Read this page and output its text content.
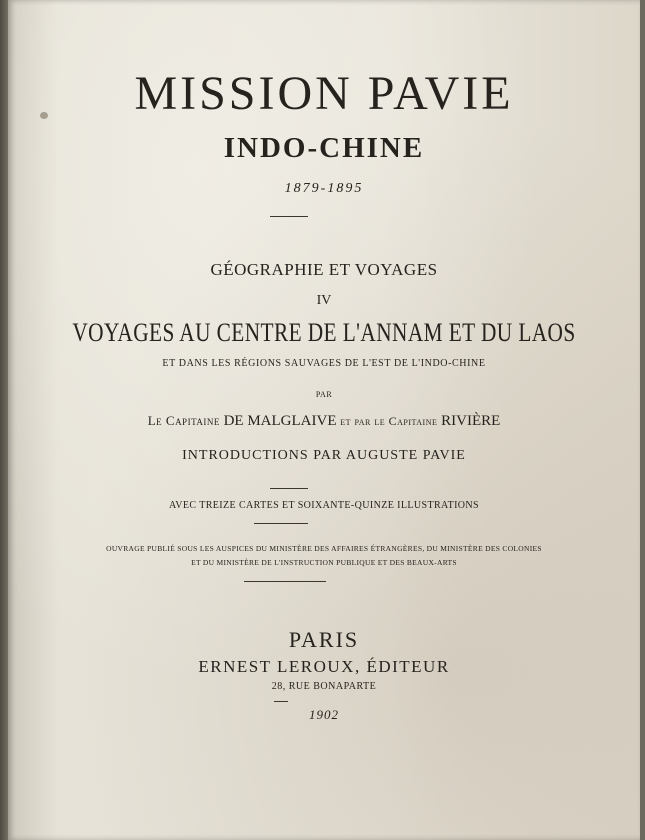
MISSION PAVIE
INDO-CHINE
1879-1895
GÉOGRAPHIE ET VOYAGES
IV
VOYAGES AU CENTRE DE L'ANNAM ET DU LAOS
ET DANS LES RÉGIONS SAUVAGES DE L'EST DE L'INDO-CHINE
PAR
Le Capitaine DE MALGLAIVE et par le Capitaine RIVIÈRE
INTRODUCTIONS PAR AUGUSTE PAVIE
AVEC TREIZE CARTES ET SOIXANTE-QUINZE ILLUSTRATIONS
OUVRAGE PUBLIÉ SOUS LES AUSPICES DU MINISTÈRE DES AFFAIRES ÉTRANGÈRES, DU MINISTÈRE DES COLONIES
ET DU MINISTÈRE DE L'INSTRUCTION PUBLIQUE ET DES BEAUX-ARTS
PARIS
ERNEST LEROUX, ÉDITEUR
28, RUE BONAPARTE
1902
